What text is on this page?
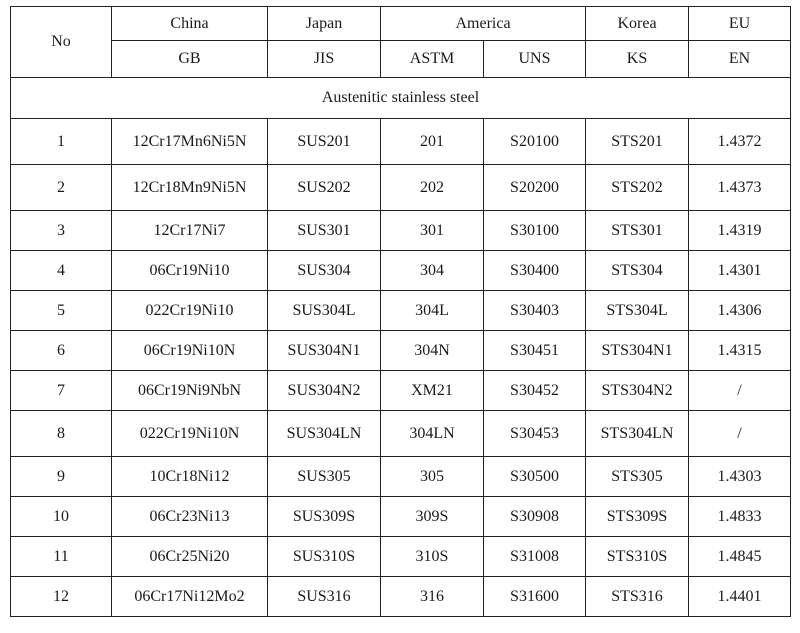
No	China	Japan	America		Korea	EU
	GB	JIS	ASTM	UNS	KS	EN
Austenitic stainless steel						
1	12Cr17Mn6Ni5N	SUS201	201	S20100	STS201	1.4372
2	12Cr18Mn9Ni5N	SUS202	202	S20200	STS202	1.4373
3	12Cr17Ni7	SUS301	301	S30100	STS301	1.4319
4	06Cr19Ni10	SUS304	304	S30400	STS304	1.4301
5	022Cr19Ni10	SUS304L	304L	S30403	STS304L	1.4306
6	06Cr19Ni10N	SUS304N1	304N	S30451	STS304N1	1.4315
7	06Cr19Ni9NbN	SUS304N2	XM21	S30452	STS304N2	/
8	022Cr19Ni10N	SUS304LN	304LN	S30453	STS304LN	/
9	10Cr18Ni12	SUS305	305	S30500	STS305	1.4303
10	06Cr23Ni13	SUS309S	309S	S30908	STS309S	1.4833
11	06Cr25Ni20	SUS310S	310S	S31008	STS310S	1.4845
12	06Cr17Ni12Mo2	SUS316	316	S31600	STS316	1.4401
